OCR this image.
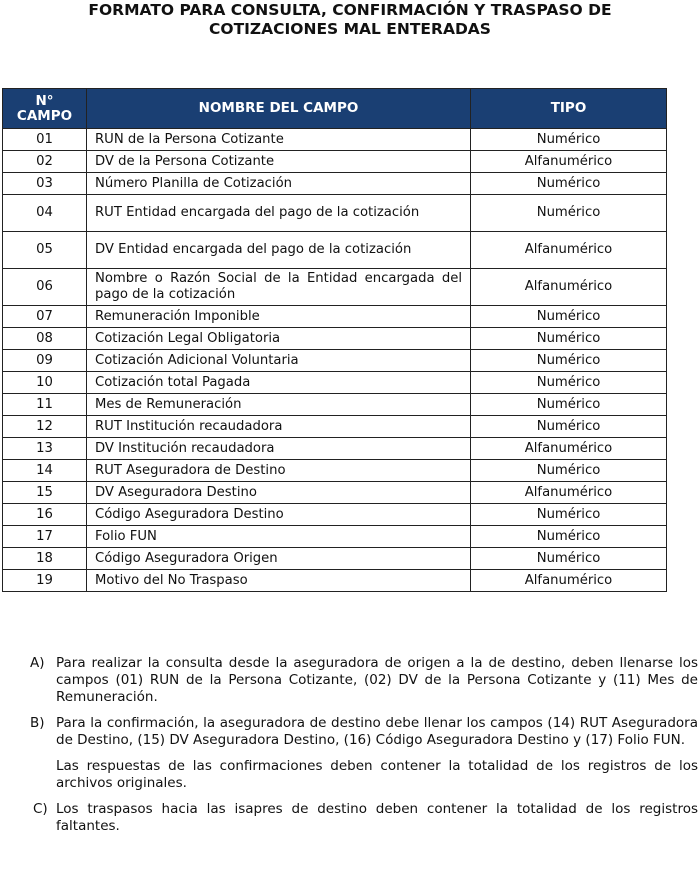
FORMATO PARA CONSULTA, CONFIRMACIÓN Y TRASPASO DE
COTIZACIONES MAL ENTERADAS
N°
CAMPO	NOMBRE DEL CAMPO	TIPO
01	RUN de la Persona Cotizante	Numérico
02	DV de la Persona Cotizante	Alfanumérico
03	Número Planilla de Cotización	Numérico
04	RUT Entidad encargada del pago de la cotización	Numérico
05	DV Entidad encargada del pago de la cotización	Alfanumérico
06	Nombre o Razón Social de la Entidad encargada del pago de la cotización	Alfanumérico
07	Remuneración Imponible	Numérico
08	Cotización Legal Obligatoria	Numérico
09	Cotización Adicional Voluntaria	Numérico
10	Cotización total Pagada	Numérico
11	Mes de Remuneración	Numérico
12	RUT Institución recaudadora	Numérico
13	DV Institución recaudadora	Alfanumérico
14	RUT Aseguradora de Destino	Numérico
15	DV Aseguradora Destino	Alfanumérico
16	Código Aseguradora Destino	Numérico
17	Folio FUN	Numérico
18	Código Aseguradora Origen	Numérico
19	Motivo del No Traspaso	Alfanumérico
A) Para realizar la consulta desde la aseguradora de origen a la de destino, deben llenarse los campos (01) RUN de la Persona Cotizante, (02) DV de la Persona Cotizante y (11) Mes de Remuneración.
B) Para la confirmación, la aseguradora de destino debe llenar los campos (14) RUT Aseguradora de Destino, (15) DV Aseguradora Destino, (16) Código Aseguradora Destino y (17) Folio FUN.
Las respuestas de las confirmaciones deben contener la totalidad de los registros de los archivos originales.
C) Los traspasos hacia las isapres de destino deben contener la totalidad de los registros faltantes.
